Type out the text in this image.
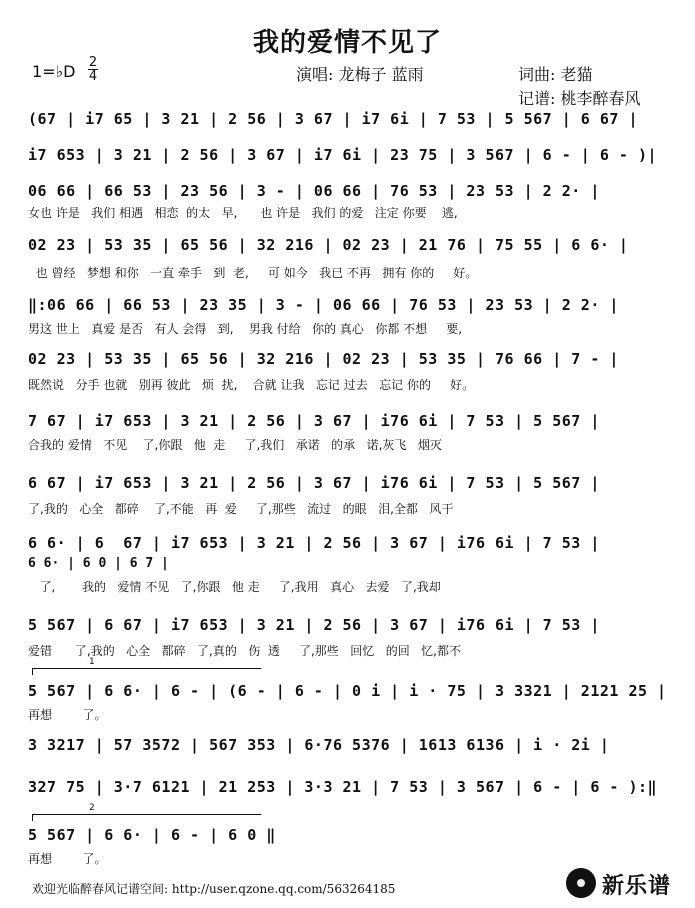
我的爱情不见了
1=♭D 2
4	演唱: 龙梅子 蓝雨	词曲: 老猫
记谱: 桃李醉春风
(67 | i7 65 | 3 21 | 2 56 | 3 67 | i7 6i | 7 53 | 5 567 | 6 67 |
i7 653 | 3 21 | 2 56 | 3 67 | i7 6i | 23 75 | 3 567 | 6 - | 6 - )|
06 66 | 66 53 | 23 56 | 3 - | 06 66 | 76 53 | 23 53 | 2 2· |
女也 许是   我们 相遇   相恋  的太   早,      也 许是   我们 的爱   注定 你要    逃,
02 23 | 53 35 | 65 56 | 32 216 | 02 23 | 21 76 | 75 55 | 6 6· |
也 曾经   梦想 和你   一直 牵手   到  老,     可 如今   我已 不再   拥有 你的     好。
‖:06 66 | 66 53 | 23 35 | 3 - | 06 66 | 76 53 | 23 53 | 2 2· |
男这 世上   真爱 是否   有人 会得   到,    男我 付给   你的 真心   你都 不想     要,
02 23 | 53 35 | 65 56 | 32 216 | 02 23 | 53 35 | 76 66 | 7 - |
既然说   分手 也就   别再 彼此   烦  扰,    合就 让我   忘记 过去   忘记 你的     好。
7 67 | i7 653 | 3 21 | 2 56 | 3 67 | i76 6i | 7 53 | 5 567 |
合我的 爱情   不见    了,你跟   他  走     了,我们   承诺   的承   诺,灰飞   烟灭
6 67 | i7 653 | 3 21 | 2 56 | 3 67 | i76 6i | 7 53 | 5 567 |
了,我的   心全   都碎    了,不能   再  爱     了,那些   流过   的眼   泪,全都   风干
6 6· | 6  67 | i7 653 | 3 21 | 2 56 | 3 67 | i76 6i | 7 53 |
6 6· | 6 0 | 6 7 |
了,       我的   爱情 不见   了,你跟   他 走     了,我用   真心   去爱   了,我却
5 567 | 6 67 | i7 653 | 3 21 | 2 56 | 3 67 | i76 6i | 7 53 |
爱错      了,我的   心全   都碎   了,真的   伤  透     了,那些   回忆   的回   忆,都不
1
5 567 | 6 6· | 6 - | (6 - | 6 - | 0 i | i · 75 | 3 3321 | 2121 25 |
再想        了。
3 3217 | 57 3572 | 567 353 | 6·76 5376 | 1613 6136 | i · 2i |
327 75 | 3·7 6121 | 21 253 | 3·3 21 | 7 53 | 3 567 | 6 - | 6 - ):‖
2
5 567 | 6 6· | 6 - | 6 0 ‖
再想        了。
欢迎光临醉春风记谱空间: http://user.qzone.qq.com/563264185	新乐谱
